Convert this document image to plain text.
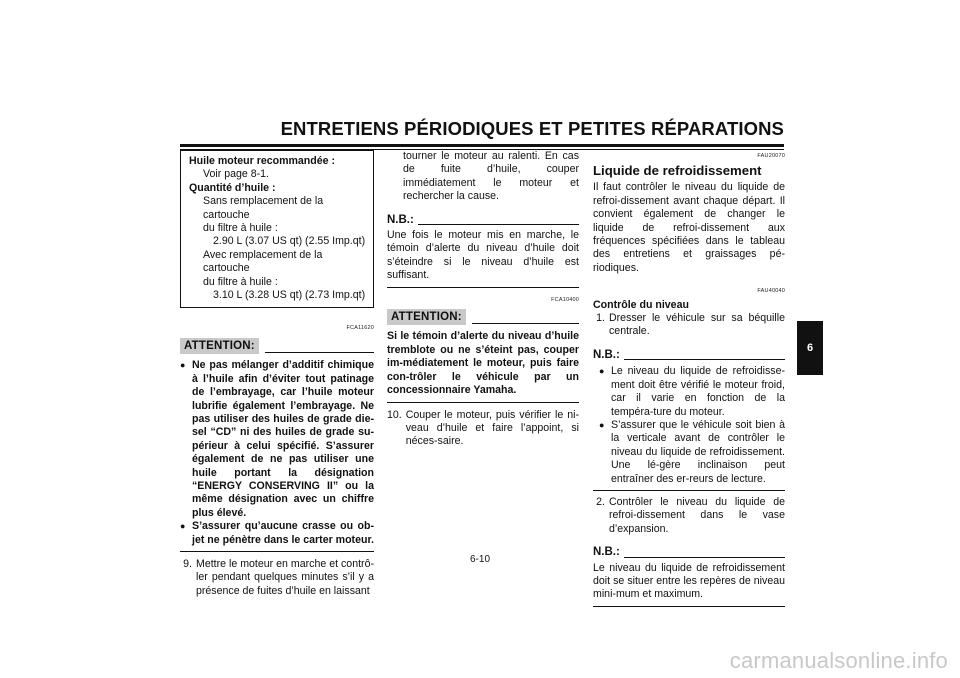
ENTRETIENS PÉRIODIQUES ET PETITES RÉPARATIONS
Huile moteur recommandée :
Voir page 8-1.
Quantité d’huile :
Sans remplacement de la cartouche
du filtre à huile :
2.90 L (3.07 US qt) (2.55 Imp.qt)
Avec remplacement de la cartouche
du filtre à huile :
3.10 L (3.28 US qt) (2.73 Imp.qt)
FCA11620
ATTENTION:
● Ne pas mélanger d’additif chimique à l’huile afin d’éviter tout patinage de l’embrayage, car l’huile moteur lubrifie également l’embrayage. Ne pas utiliser des huiles de grade die-sel “CD” ni des huiles de grade su-périeur à celui spécifié. S’assurer également de ne pas utiliser une huile portant la désignation “ENERGY CONSERVING II” ou la même désignation avec un chiffre plus élevé.
● S’assurer qu’aucune crasse ou ob-jet ne pénètre dans le carter moteur.
9. Mettre le moteur en marche et contrô-ler pendant quelques minutes s’il y a présence de fuites d’huile en laissant
tourner le moteur au ralenti. En cas de fuite d’huile, couper immédiatement le moteur et rechercher la cause.
N.B.:
Une fois le moteur mis en marche, le témoin d’alerte du niveau d’huile doit s’éteindre si le niveau d’huile est suffisant.
FCA10400
ATTENTION:
Si le témoin d’alerte du niveau d’huile tremblote ou ne s’éteint pas, couper im-médiatement le moteur, puis faire con-trôler le véhicule par un concessionnaire Yamaha.
10. Couper le moteur, puis vérifier le ni-veau d’huile et faire l’appoint, si néces-saire.
FAU20070
Liquide de refroidissement
Il faut contrôler le niveau du liquide de refroi-dissement avant chaque départ. Il convient également de changer le liquide de refroi-dissement aux fréquences spécifiées dans le tableau des entretiens et graissages pé-riodiques.
FAU40040
Contrôle du niveau
1. Dresser le véhicule sur sa béquille centrale.
N.B.:
● Le niveau du liquide de refroidisse-ment doit être vérifié le moteur froid, car il varie en fonction de la tempéra-ture du moteur.
● S’assurer que le véhicule soit bien à la verticale avant de contrôler le niveau du liquide de refroidissement. Une lé-gère inclinaison peut entraîner des er-reurs de lecture.
2. Contrôler le niveau du liquide de refroi-dissement dans le vase d’expansion.
N.B.:
Le niveau du liquide de refroidissement doit se situer entre les repères de niveau mini-mum et maximum.
6
6-10
carmanualsonline.info
